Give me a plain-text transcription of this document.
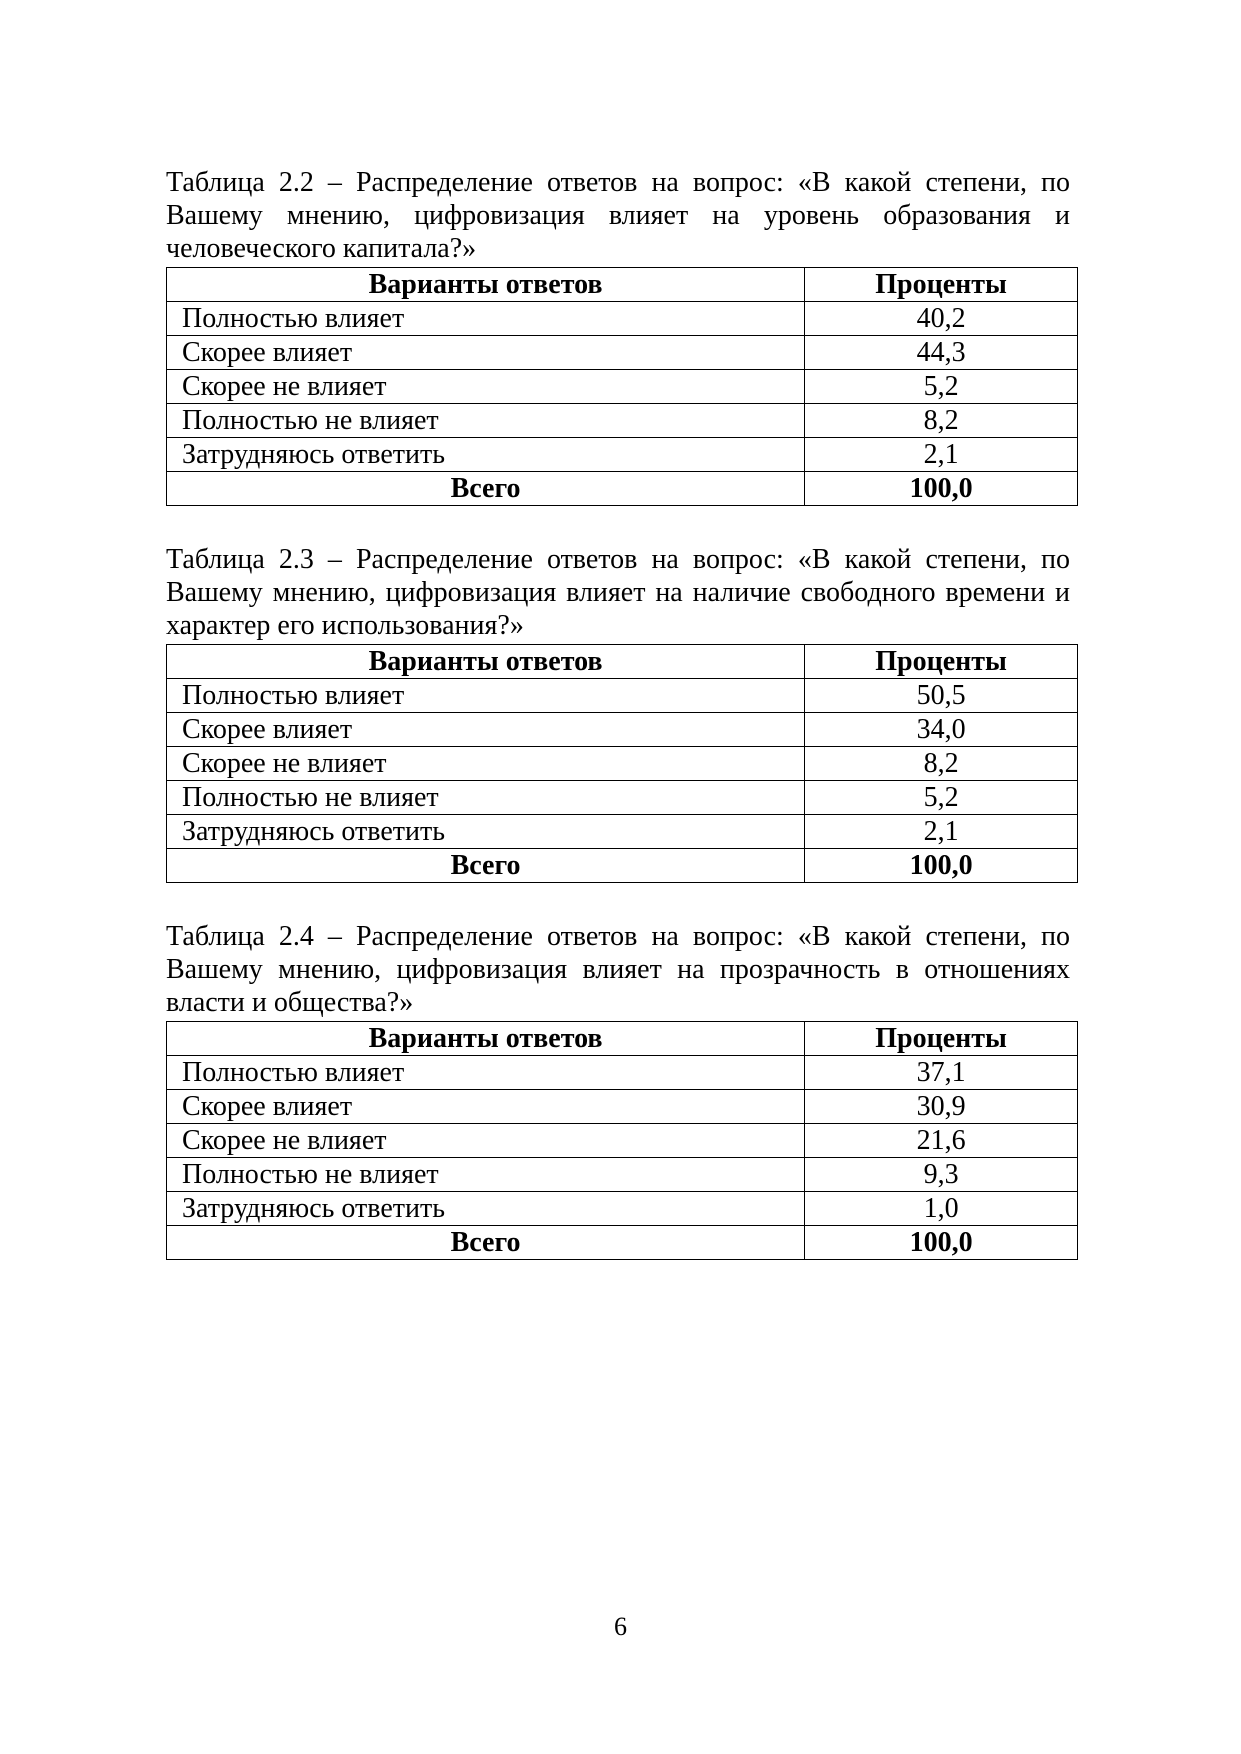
Таблица 2.2 – Распределение ответов на вопрос: «В какой степени, по Вашему мнению, цифровизация влияет на уровень образования и человеческого капитала?»

Варианты ответов	Проценты
Полностью влияет	40,2
Скорее влияет	44,3
Скорее не влияет	5,2
Полностью не влияет	8,2
Затрудняюсь ответить	2,1
Всего	100,0

Таблица 2.3 – Распределение ответов на вопрос: «В какой степени, по Вашему мнению, цифровизация влияет на наличие свободного времени и характер его использования?»

Варианты ответов	Проценты
Полностью влияет	50,5
Скорее влияет	34,0
Скорее не влияет	8,2
Полностью не влияет	5,2
Затрудняюсь ответить	2,1
Всего	100,0

Таблица 2.4 – Распределение ответов на вопрос: «В какой степени, по Вашему мнению, цифровизация влияет на прозрачность в отношениях власти и общества?»

Варианты ответов	Проценты
Полностью влияет	37,1
Скорее влияет	30,9
Скорее не влияет	21,6
Полностью не влияет	9,3
Затрудняюсь ответить	1,0
Всего	100,0
6
